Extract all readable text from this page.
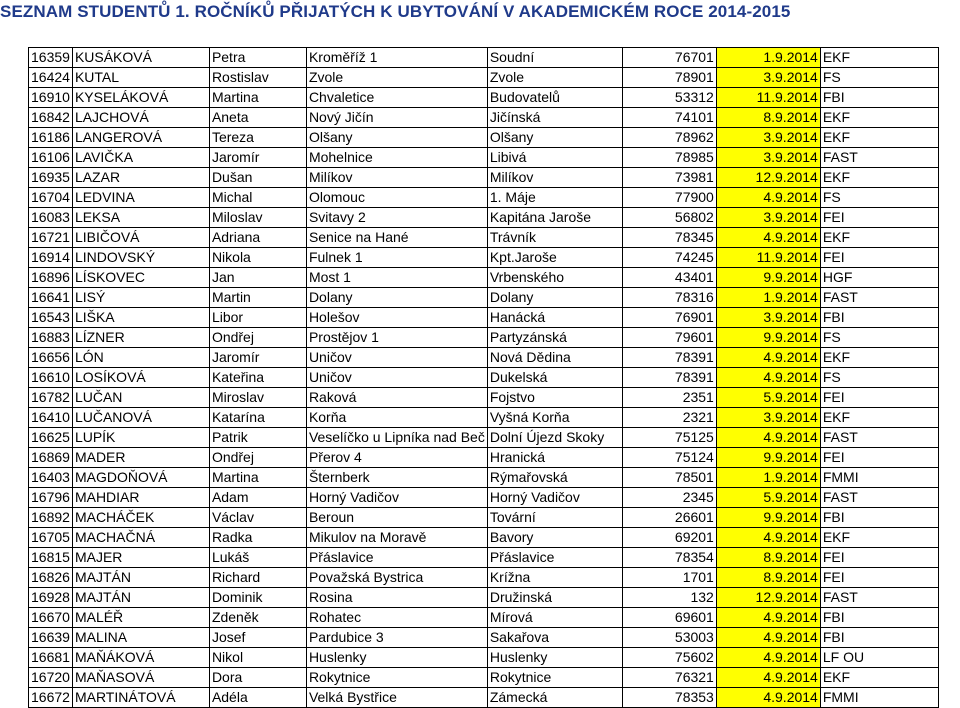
SEZNAM STUDENTŮ 1. ROČNÍKŮ PŘIJATÝCH K UBYTOVÁNÍ V AKADEMICKÉM ROCE 2014-2015
16359	KUSÁKOVÁ	Petra	Kroměříž 1	Soudní	76701	1.9.2014	EKF
16424	KUTAL	Rostislav	Zvole	Zvole	78901	3.9.2014	FS
16910	KYSELÁKOVÁ	Martina	Chvaletice	Budovatelů	53312	11.9.2014	FBI
16842	LAJCHOVÁ	Aneta	Nový Jičín	Jičínská	74101	8.9.2014	EKF
16186	LANGEROVÁ	Tereza	Olšany	Olšany	78962	3.9.2014	EKF
16106	LAVIČKA	Jaromír	Mohelnice	Libivá	78985	3.9.2014	FAST
16935	LAZAR	Dušan	Milíkov	Milíkov	73981	12.9.2014	EKF
16704	LEDVINA	Michal	Olomouc	1. Máje	77900	4.9.2014	FS
16083	LEKSA	Miloslav	Svitavy 2	Kapitána Jaroše	56802	3.9.2014	FEI
16721	LIBIČOVÁ	Adriana	Senice na Hané	Trávník	78345	4.9.2014	EKF
16914	LINDOVSKÝ	Nikola	Fulnek 1	Kpt.Jaroše	74245	11.9.2014	FEI
16896	LÍSKOVEC	Jan	Most 1	Vrbenského	43401	9.9.2014	HGF
16641	LISÝ	Martin	Dolany	Dolany	78316	1.9.2014	FAST
16543	LIŠKA	Libor	Holešov	Hanácká	76901	3.9.2014	FBI
16883	LÍZNER	Ondřej	Prostějov 1	Partyzánská	79601	9.9.2014	FS
16656	LÓN	Jaromír	Uničov	Nová Dědina	78391	4.9.2014	EKF
16610	LOSÍKOVÁ	Kateřina	Uničov	Dukelská	78391	4.9.2014	FS
16782	LUČAN	Miroslav	Raková	Fojstvo	2351	5.9.2014	FEI
16410	LUČANOVÁ	Katarína	Korňa	Vyšná Korňa	2321	3.9.2014	EKF
16625	LUPÍK	Patrik	Veselíčko u Lipníka nad Beč	Dolní Újezd Skoky	75125	4.9.2014	FAST
16869	MADER	Ondřej	Přerov 4	Hranická	75124	9.9.2014	FEI
16403	MAGDOŇOVÁ	Martina	Šternberk	Rýmařovská	78501	1.9.2014	FMMI
16796	MAHDIAR	Adam	Horný Vadičov	Horný Vadičov	2345	5.9.2014	FAST
16892	MACHÁČEK	Václav	Beroun	Tovární	26601	9.9.2014	FBI
16705	MACHAČNÁ	Radka	Mikulov na Moravě	Bavory	69201	4.9.2014	EKF
16815	MAJER	Lukáš	Přáslavice	Přáslavice	78354	8.9.2014	FEI
16826	MAJTÁN	Richard	Považská Bystrica	Krížna	1701	8.9.2014	FEI
16928	MAJTÁN	Dominik	Rosina	Družinská	132	12.9.2014	FAST
16670	MALÉŘ	Zdeněk	Rohatec	Mírová	69601	4.9.2014	FBI
16639	MALINA	Josef	Pardubice 3	Sakařova	53003	4.9.2014	FBI
16681	MAŇÁKOVÁ	Nikol	Huslenky	Huslenky	75602	4.9.2014	LF OU
16720	MAŇASOVÁ	Dora	Rokytnice	Rokytnice	76321	4.9.2014	EKF
16672	MARTINÁTOVÁ	Adéla	Velká Bystřice	Zámecká	78353	4.9.2014	FMMI
